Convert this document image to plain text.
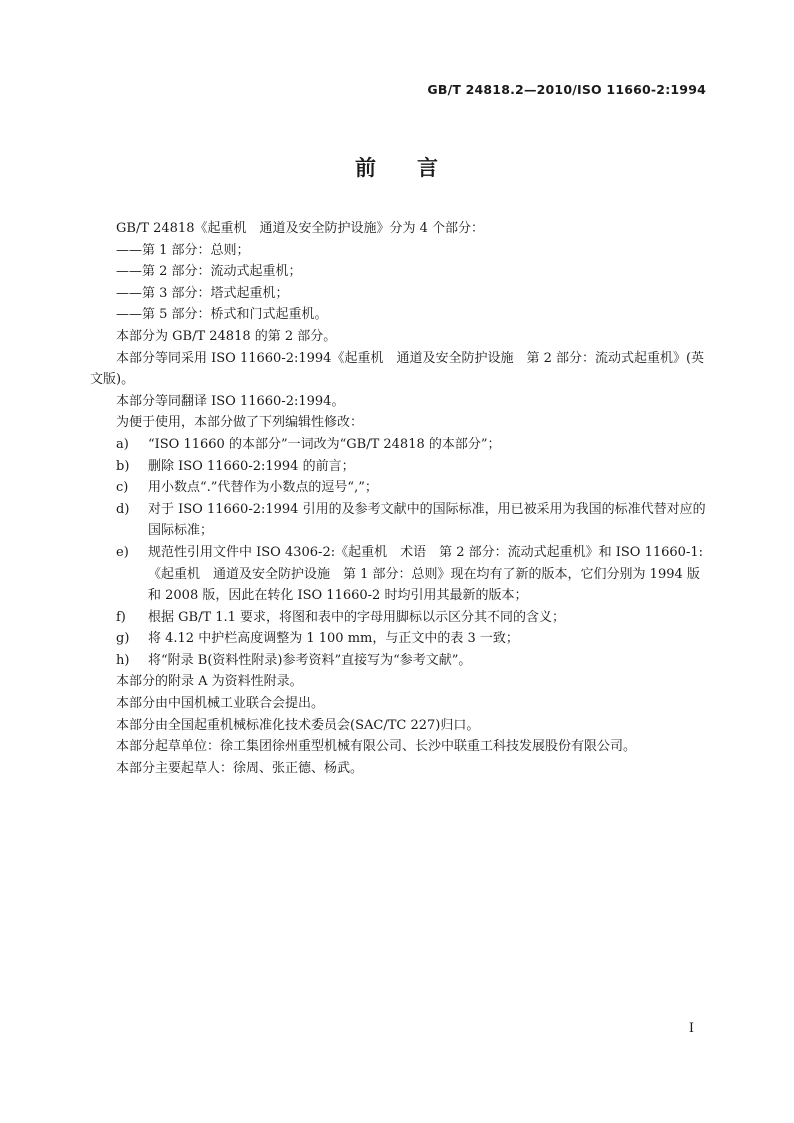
GB/T 24818.2—2010/ISO 11660-2:1994
前 言

GB/T 24818《起重机　通道及安全防护设施》分为 4 个部分：

——第 1 部分：总则；

——第 2 部分：流动式起重机；

——第 3 部分：塔式起重机；

——第 5 部分：桥式和门式起重机。

本部分为 GB/T 24818 的第 2 部分。

本部分等同采用 ISO 11660-2:1994《起重机　通道及安全防护设施　第 2 部分：流动式起重机》(英文版)。

本部分等同翻译 ISO 11660-2:1994。

为便于使用，本部分做了下列编辑性修改：

a)	“ISO 11660 的本部分”一词改为“GB/T 24818 的本部分”；
b)	删除 ISO 11660-2:1994 的前言；
c)	用小数点“.”代替作为小数点的逗号“,”；
d)	对于 ISO 11660-2:1994 引用的及参考文献中的国际标准，用已被采用为我国的标准代替对应的国际标准；
e)	规范性引用文件中 ISO 4306-2:《起重机　术语　第 2 部分：流动式起重机》和 ISO 11660-1:《起重机　通道及安全防护设施　第 1 部分：总则》现在均有了新的版本，它们分别为 1994 版和 2008 版，因此在转化 ISO 11660-2 时均引用其最新的版本；
f)	根据 GB/T 1.1 要求，将图和表中的字母用脚标以示区分其不同的含义；
g)	将 4.12 中护栏高度调整为 1 100 mm，与正文中的表 3 一致；
h)	将“附录 B(资料性附录)参考资料”直接写为“参考文献”。

本部分的附录 A 为资料性附录。

本部分由中国机械工业联合会提出。

本部分由全国起重机械标准化技术委员会(SAC/TC 227)归口。

本部分起草单位：徐工集团徐州重型机械有限公司、长沙中联重工科技发展股份有限公司。

本部分主要起草人：徐周、张正德、杨武。

I
